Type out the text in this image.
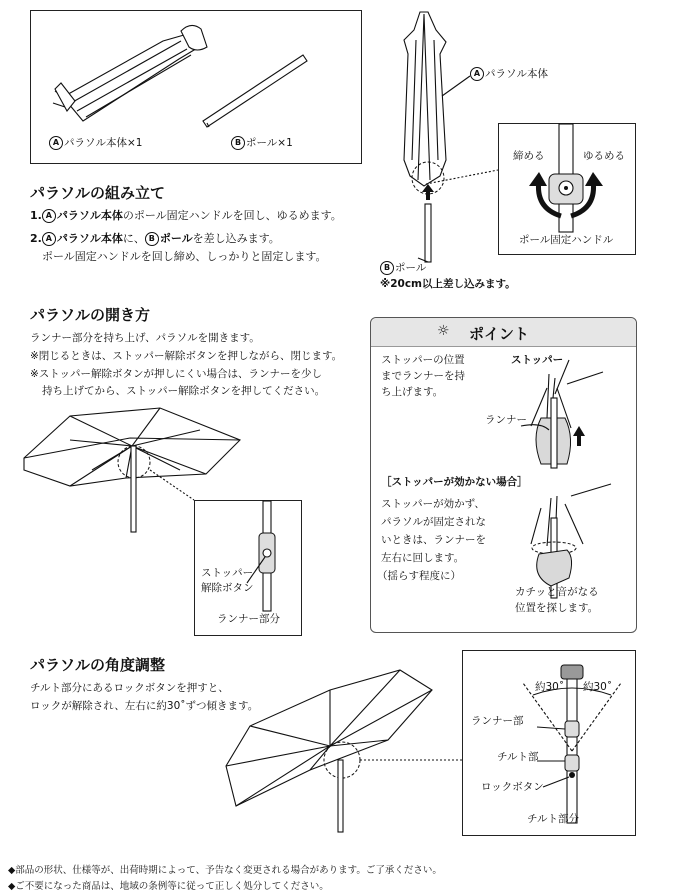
A パラソル本体×1	B ポール×1
パラソルの組み立て
1. A パラソル本体のポール固定ハンドルを回し、ゆるめます。
2. A パラソル本体に、 B ポールを差し込みます。
ポール固定ハンドルを回し締め、しっかりと固定します。
A パラソル本体
B ポール
※20cm以上差し込みます。
締める	ゆるめる
ポール固定ハンドル
パラソルの開き方
ランナー部分を持ち上げ、パラソルを開きます。
※閉じるときは、ストッパー解除ボタンを押しながら、閉じます。
※ストッパー解除ボタンが押しにくい場合は、ランナーを少し
持ち上げてから、ストッパー解除ボタンを押してください。
ストッパー
解除ボタン
ランナー部分
☼ ポイント
ストッパーの位置
までランナーを持
ち上げます。
ストッパー
ランナー
［ストッパーが効かない場合］
ストッパーが効かず、
パラソルが固定されな
いときは、ランナーを
左右に回します。
（揺らす程度に）
カチッと音がなる
位置を探します。
パラソルの角度調整
チルト部分にあるロックボタンを押すと、
ロックが解除され、左右に約30˚ずつ傾きます。
約30˚ 約30˚
ランナー部
チルト部
ロックボタン
チルト部分
◆部品の形状、仕様等が、出荷時期によって、予告なく変更される場合があります。ご了承ください。
◆ご不要になった商品は、地域の条例等に従って正しく処分してください。
